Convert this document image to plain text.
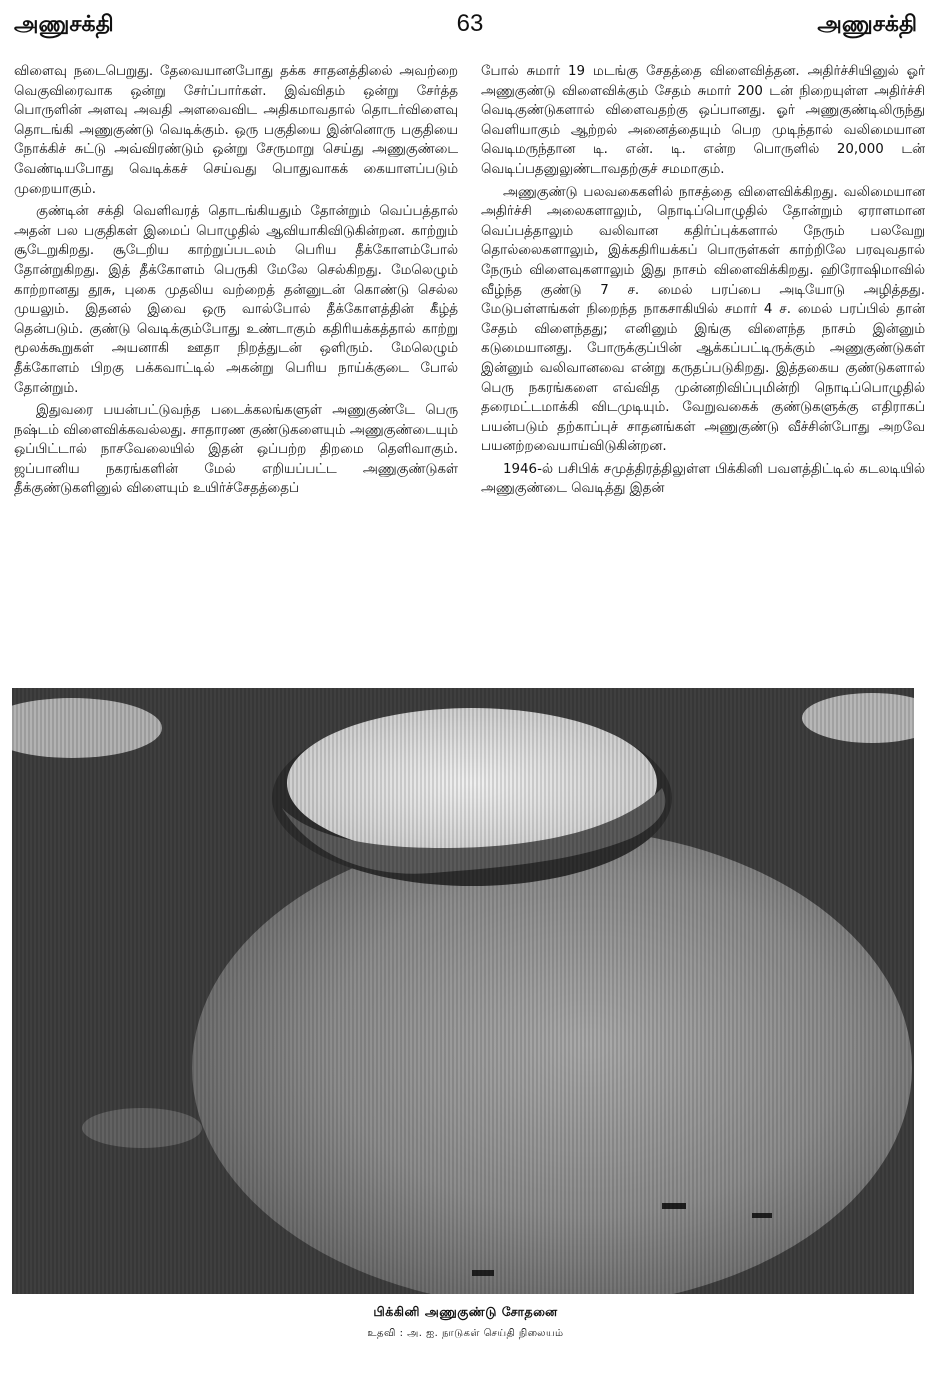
அணுசக்தி	63	அணுசக்தி

விளைவு நடைபெறுது. தேவையானபோது தக்க சாதனத்திலை் அவற்றை வெகுவிரைவாக ஒன்று சேர்ப்பார்கள். இவ்விதம் ஒன்று சேர்த்த பொருளின் அளவு அவதி அளவைவிட அதிகமாவதால் தொடர்விளைவு தொடங்கி அணுகுண்டு வெடிக்கும். ஒரு பகுதியை இன்னொரு பகுதியை நோக்கிச் சுட்டு அவ்விரண்டும் ஒன்று சேருமாறு செய்து அணுகுண்டை வேண்டியபோது வெடிக்கச் செய்வது பொதுவாகக் கையாளப்படும் முறையாகும்.

குண்டின் சக்தி வெளிவரத் தொடங்கியதும் தோன்றும் வெப்பத்தால் அதன் பல பகுதிகள் இமைப் பொழுதில் ஆவியாகிவிடுகின்றன. காற்றும் சூடேறுகிறது. சூடேறிய காற்றுப்படலம் பெரிய தீக்கோளம்போல் தோன்றுகிறது. இத் தீக்கோளம் பெருகி மேலே செல்கிறது. மேலெழும் காற்றானது தூசு, புகை முதலிய வற்றைத் தன்னுடன் கொண்டு செல்ல முயலும். இதனல் இவை ஒரு வால்போல் தீக்கோளத்தின் கீழ்த் தென்படும். குண்டு வெடிக்கும்போது உண்டாகும் கதிரியக்கத்தால் காற்று மூலக்கூறுகள் அயனாகி ஊதா நிறத்துடன் ஒளிரும். மேலெழும் தீக்கோளம் பிறகு பக்கவாட்டில் அகன்று பெரிய நாய்க்குடை போல் தோன்றும்.

இதுவரை பயன்பட்டுவந்த படைக்கலங்களுள் அணுகுண்டே பெரு நஷ்டம் விளைவிக்கவல்லது. சாதாரண குண்டுகளையும் அணுகுண்டையும் ஒப்பிட்டால் நாசவேலையில் இதன் ஒப்பற்ற திறமை தெளிவாகும். ஜப்பானிய நகரங்களின் மேல் எறியப்பட்ட அணுகுண்டுகள் தீக்குண்டுகளினுல் விளையும் உயிர்ச்சேதத்தைப்

போல் சுமார் 19 மடங்கு சேதத்தை விளைவித்தன. அதிர்ச்சியினுல் ஓர் அணுகுண்டு விளைவிக்கும் சேதம் சுமார் 200 டன் நிறையுள்ள அதிர்ச்சி வெடிகுண்டுகளால் விளைவதற்கு ஒப்பானது. ஓர் அணுகுண்டிலிருந்து வெளியாகும் ஆற்றல் அனைத்தையும் பெற முடிந்தால் வலிமையான வெடிமருந்தான டி. என். டி. என்ற பொருளில் 20,000 டன் வெடிப்பதனுலுண்டாவதற்குச் சமமாகும்.

அணுகுண்டு பலவகைகளில் நாசத்தை விளைவிக்கிறது. வலிமையான அதிர்ச்சி அலைகளாலும், நொடிப்பொழுதில் தோன்றும் ஏராளமான வெப்பத்தாலும் வலிவான கதிர்ப்புக்களால் நேரும் பலவேறு தொல்லைகளாலும், இக்கதிரியக்கப் பொருள்கள் காற்றிலே பரவுவதால் நேரும் விளைவுகளாலும் இது நாசம் விளைவிக்கிறது. ஹிரோஷிமாவில் வீழ்ந்த குண்டு 7 ச. மைல் பரப்பை அடியோடு அழித்தது. மேடுபள்ளங்கள் நிறைந்த நாகசாகியில் சமார் 4 ச. மைல் பரப்பில் தான் சேதம் விளைந்தது; எனினும் இங்கு விளைந்த நாசம் இன்னும் கடுமையானது. போருக்குப்பின் ஆக்கப்பட்டிருக்கும் அணுகுண்டுகள் இன்னும் வலிவானவை என்று கருதப்படுகிறது. இத்தகைய குண்டுகளால் பெரு நகரங்களை எவ்வித முன்னறிவிப்புமின்றி நொடிப்பொழுதில் தரைமட்டமாக்கி விடமுடியும். வேறுவகைக் குண்டுகளுக்கு எதிராகப் பயன்படும் தற்காப்புச் சாதனங்கள் அணுகுண்டு வீச்சின்போது அறவே பயனற்றவையாய்விடுகின்றன.

1946-ல் பசிபிக் சமுத்திரத்திலுள்ள பிக்கினி பவளத்திட்டில் கடலடியில் அணுகுண்டை வெடித்து இதன்

பிக்கினி அணுகுண்டு சோதனை
உதவி : அ. ஐ. நாடுகள் செய்தி நிலையம்
